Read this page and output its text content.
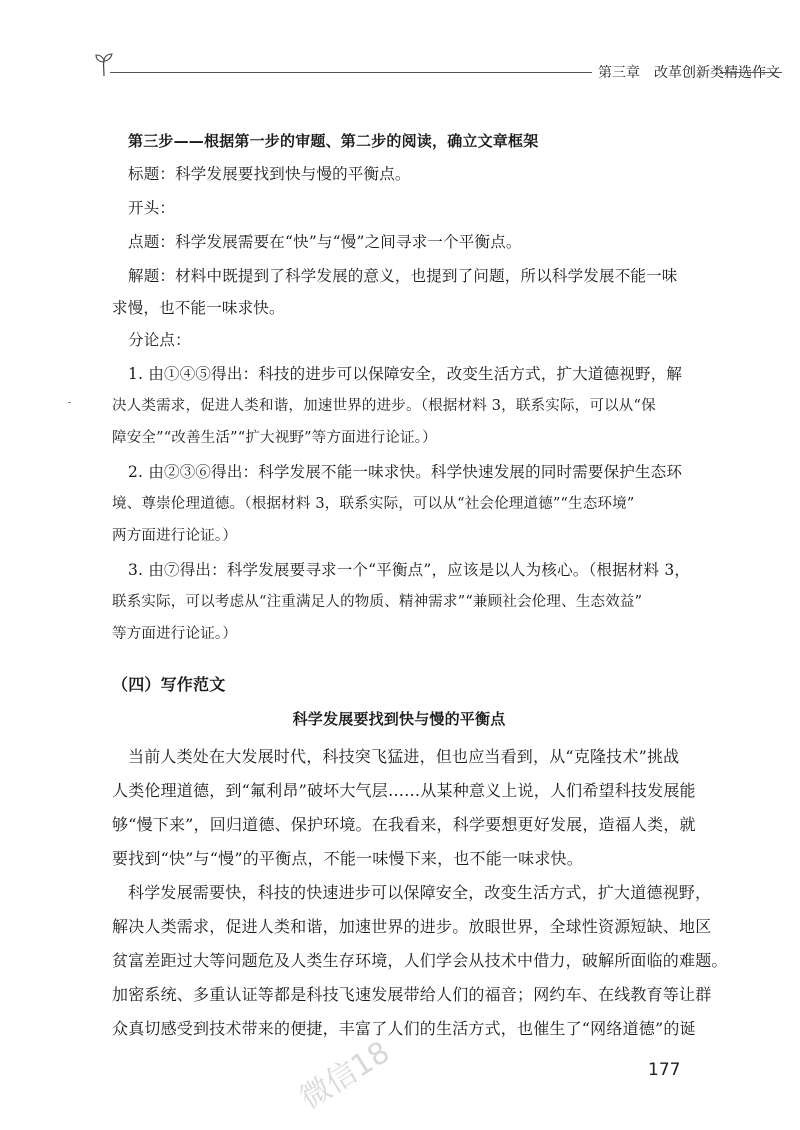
第三章 改革创新类精选作文
第三步——根据第一步的审题、第二步的阅读，确立文章框架
标题：科学发展要找到快与慢的平衡点。
开头：
点题：科学发展需要在“快”与“慢”之间寻求一个平衡点。
解题：材料中既提到了科学发展的意义，也提到了问题，所以科学发展不能一味
求慢，也不能一味求快。
分论点：
1. 由①④⑤得出：科技的进步可以保障安全，改变生活方式，扩大道德视野，解
决人类需求，促进人类和谐，加速世界的进步。（根据材料 3，联系实际，可以从“保
障安全”“改善生活”“扩大视野”等方面进行论证。）
2. 由②③⑥得出：科学发展不能一味求快。科学快速发展的同时需要保护生态环
境、尊崇伦理道德。（根据材料 3，联系实际，可以从“社会伦理道德”“生态环境”
两方面进行论证。）
3. 由⑦得出：科学发展要寻求一个“平衡点”，应该是以人为核心。（根据材料 3，
联系实际，可以考虑从“注重满足人的物质、精神需求”“兼顾社会伦理、生态效益”
等方面进行论证。）
（四）写作范文
科学发展要找到快与慢的平衡点
当前人类处在大发展时代，科技突飞猛进，但也应当看到，从“克隆技术”挑战
人类伦理道德，到“氟利昂”破坏大气层……从某种意义上说，人们希望科技发展能
够“慢下来”，回归道德、保护环境。在我看来，科学要想更好发展，造福人类，就
要找到“快”与“慢”的平衡点，不能一味慢下来，也不能一味求快。
科学发展需要快，科技的快速进步可以保障安全，改变生活方式，扩大道德视野，
解决人类需求，促进人类和谐，加速世界的进步。放眼世界，全球性资源短缺、地区
贫富差距过大等问题危及人类生存环境，人们学会从技术中借力，破解所面临的难题。
加密系统、多重认证等都是科技飞速发展带给人们的福音；网约车、在线教育等让群
众真切感受到技术带来的便捷，丰富了人们的生活方式，也催生了“网络道德”的诞
177
微信18
